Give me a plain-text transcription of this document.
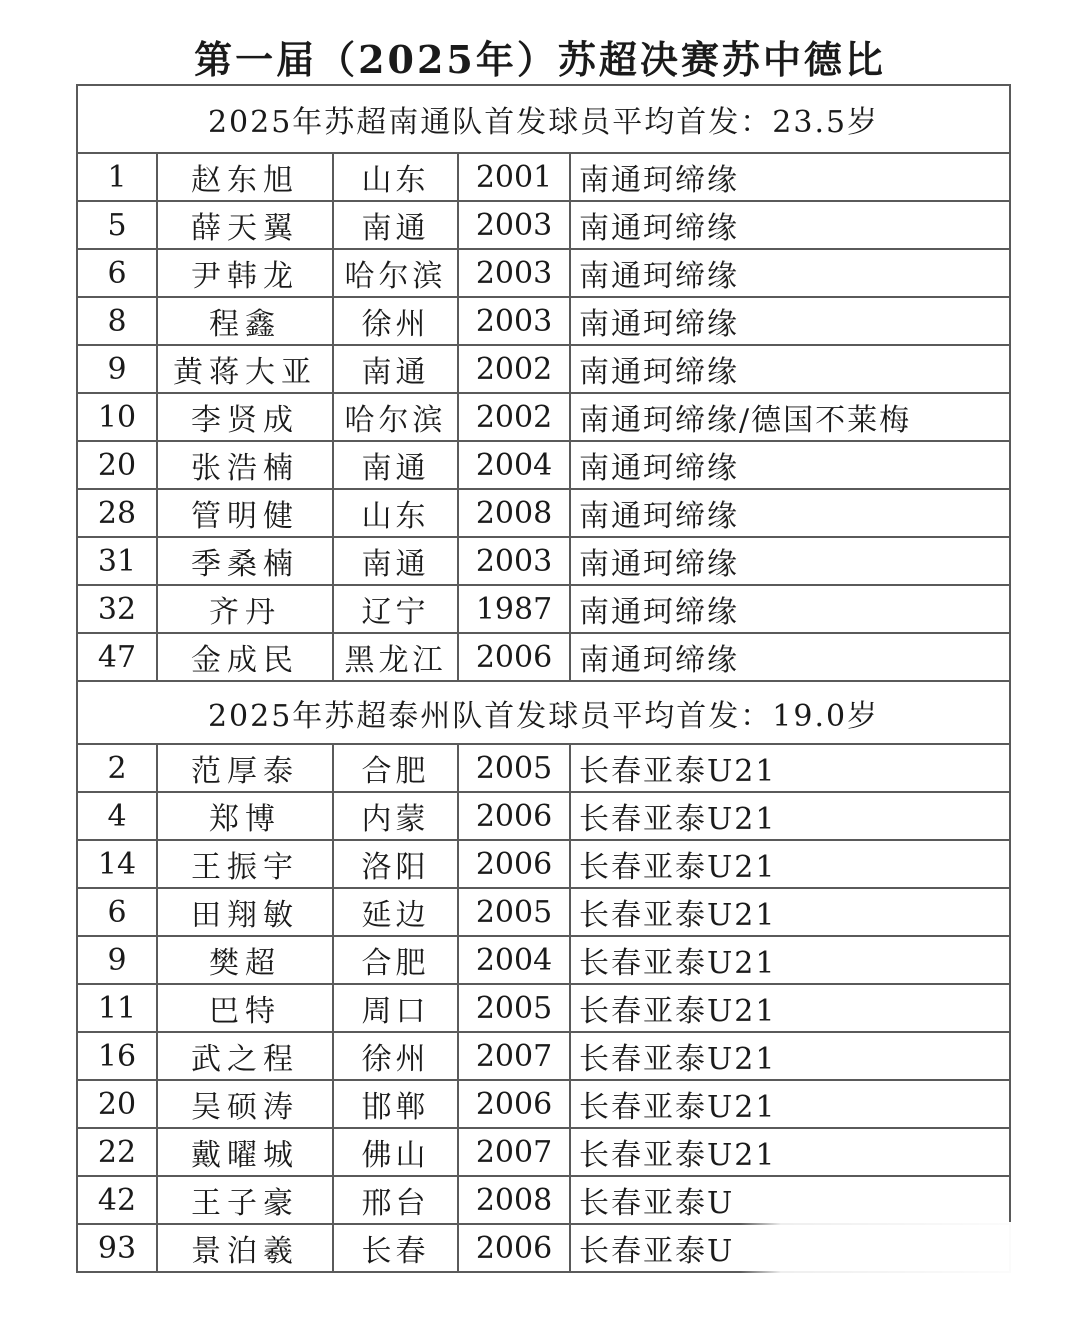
第一届（2025年）苏超决赛苏中德比
2025年苏超南通队首发球员平均首发：23.5岁				
1	赵东旭	山东	2001	南通珂缔缘
5	薛天翼	南通	2003	南通珂缔缘
6	尹韩龙	哈尔滨	2003	南通珂缔缘
8	程鑫	徐州	2003	南通珂缔缘
9	黄蒋大亚	南通	2002	南通珂缔缘
10	李贤成	哈尔滨	2002	南通珂缔缘/德国不莱梅
20	张浩楠	南通	2004	南通珂缔缘
28	管明健	山东	2008	南通珂缔缘
31	季桑楠	南通	2003	南通珂缔缘
32	齐丹	辽宁	1987	南通珂缔缘
47	金成民	黑龙江	2006	南通珂缔缘
2025年苏超泰州队首发球员平均首发：19.0岁				
2	范厚泰	合肥	2005	长春亚泰U21
4	郑博	内蒙	2006	长春亚泰U21
14	王振宇	洛阳	2006	长春亚泰U21
6	田翔敏	延边	2005	长春亚泰U21
9	樊超	合肥	2004	长春亚泰U21
11	巴特	周口	2005	长春亚泰U21
16	武之程	徐州	2007	长春亚泰U21
20	吴硕涛	邯郸	2006	长春亚泰U21
22	戴曜城	佛山	2007	长春亚泰U21
42	王子豪	邢台	2008	长春亚泰U
93	景泊羲	长春	2006	长春亚泰U
